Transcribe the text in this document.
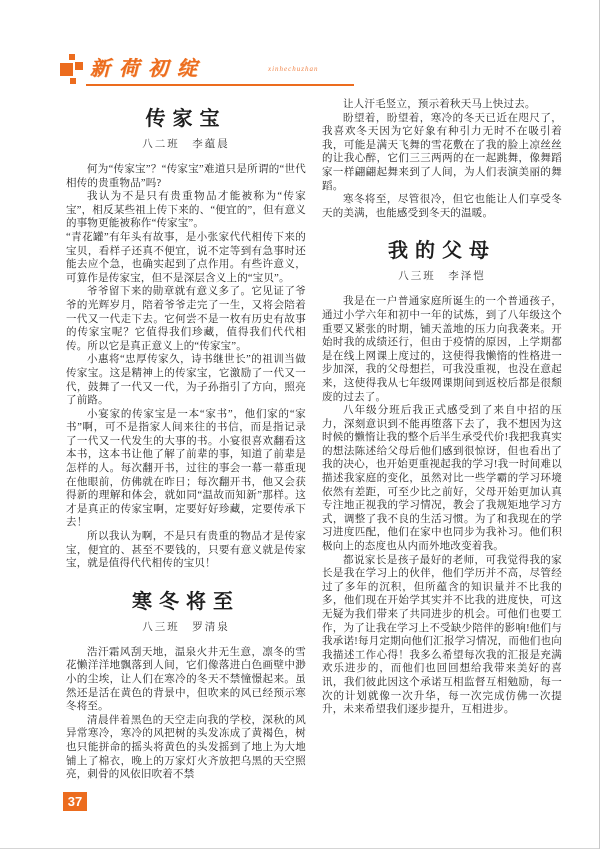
新荷初绽	xinhechuzhan
传家宝
八二班　李蕴晨

何为“传家宝”？“传家宝”难道只是所谓的“世代相传的贵重物品”吗?

我认为不是只有贵重物品才能被称为“传家宝”，相反某些祖上传下来的、“便宜的”，但有意义的事物更能被称作“传家宝”。

“青花罐”有年头有故事，是小张家代代相传下来的宝贝，看样子还真不便宜，说不定等到有急事时还能去应个急，也确实起到了点作用。有些许意义，可算作是传家宝，但不是深层含义上的“宝贝”。

爷爷留下来的勋章就有意义多了。它见证了爷爷的光辉岁月，陪着爷爷走完了一生，又将会陪着一代又一代走下去。它何尝不是一枚有历史有故事的传家宝呢？它值得我们珍藏，值得我们代代相传。所以它是真正意义上的“传家宝”。

小惠将“忠厚传家久，诗书继世长”的祖训当做传家宝。这是精神上的传家宝，它激励了一代又一代，鼓舞了一代又一代，为子孙指引了方向，照亮了前路。

小宴家的传家宝是一本“家书”，他们家的“家书”啊，可不是指家人间来往的书信，而是指记录了一代又一代发生的大事的书。小宴很喜欢翻看这本书，这本书让他了解了前辈的事，知道了前辈是怎样的人。每次翻开书，过往的事会一幕一幕重现在他眼前，仿佛就在昨日；每次翻开书，他又会获得新的理解和体会，就如同“温故而知新”那样。这才是真正的传家宝啊，定要好好珍藏，定要传承下去！

所以我认为啊，不是只有贵重的物品才是传家宝，便宜的、甚至不要钱的，只要有意义就是传家宝，就是值得代代相传的宝贝！

寒冬将至
八三班　罗清泉

浩汗霜风刮天地，温泉火井无生意，凛冬的雪花懒洋洋地飘落到人间，它们像落进白色画壁中渺小的尘埃，让人们在寒冷的冬天不禁憧憬起来。虽然还是活在黄色的背景中，但吹来的风已经预示寒冬将至。

清晨伴着黑色的天空走向我的学校，深秋的风异常寒冷，寒冷的风把树的头发冻成了黄褐色，树也只能拼命的摇头将黄色的头发摇到了地上为大地铺上了棉衣，晚上的万家灯火齐放把乌黑的天空照亮，刺骨的风依旧吹着不禁

让人汗毛竖立，预示着秋天马上快过去。

盼望着，盼望着，寒冷的冬天已近在咫尺了，我喜欢冬天因为它好象有种引力无时不在吸引着我，可能是满天飞舞的雪花敷在了我的脸上凉丝丝的让我心醉，它们三三两两的在一起跳舞，像舞蹈家一样翩翩起舞来到了人间，为人们表演美丽的舞蹈。

寒冬将至，尽管很冷，但它也能让人们享受冬天的美满，也能感受到冬天的温暖。

我的父母
八三班　李泽恺

我是在一户普通家庭所诞生的一个普通孩子，通过小学六年和初中一年的试炼，到了八年级这个重要又紧张的时期，铺天盖地的压力向我袭来。开始时我的成绩还行，但由于疫情的原因，上学期都是在线上网课上度过的，这使得我懒惰的性格进一步加深，我的父母想拦，可我没重视，也没在意起来，这使得我从七年级网课期间到返校后都是很颓废的过去了。

八年级分班后我正式感受到了来自中招的压力，深刻意识到不能再堕落下去了，我不想因为这时候的懒惰让我的整个后半生承受代价!我把我真实的想法陈述给父母后他们感到很惊讶，但也看出了我的决心，也开始更重视起我的学习!我一时间难以描述我家庭的变化，虽然对比一些学霸的学习环境依然有差距，可至少比之前好，父母开始更加认真专注地正视我的学习情况，教会了我规矩地学习方式，调整了我不良的生活习惯。为了和我现在的学习进度匹配，他们在家中也同步为我补习。他们积极向上的态度也从内而外地改变着我。

都说家长是孩子最好的老师，可我觉得我的家长是我在学习上的伙伴，他们学历并不高，尽管经过了多年的沉积，但所蕴含的知识量并不比我的多，他们现在开始学其实并不比我的进度快，可这无疑为我们带来了共同进步的机会。可他们也要工作，为了让我在学习上不受缺少陪伴的影响!他们与我承诺!每月定期向他们汇报学习情况，而他们也向我描述工作心得！我多么希望每次我的汇报是充满欢乐进步的，而他们也回回想给我带来美好的喜讯，我们彼此因这个承诺互相监督互相勉励，每一次的计划就像一次升华，每一次完成仿佛一次提升，未来希望我们逐步提升，互相进步。

37
